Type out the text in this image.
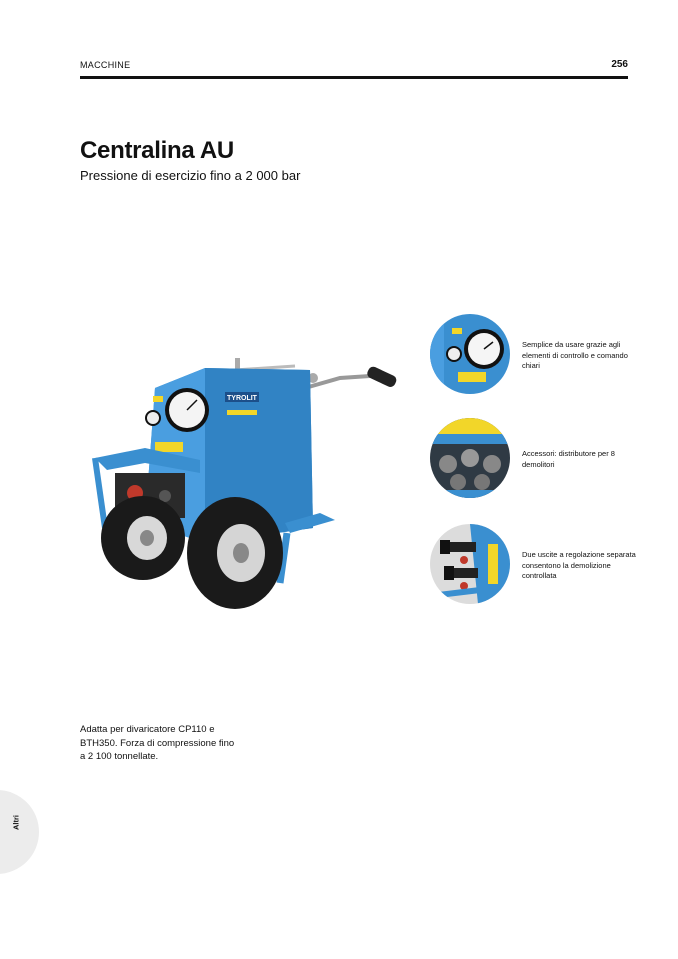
MACCHINE	256
Centralina AU
Pressione di esercizio fino a 2 000 bar
TYROLIT
Semplice da usare grazie agli elementi di controllo e comando chiari
Accessori: distributore per 8 demolitori
Due uscite a regolazione separata consentono la demolizione controllata
Adatta per divaricatore CP110 e BTH350. Forza di compressione fino a 2 100 tonnellate.
Altri
